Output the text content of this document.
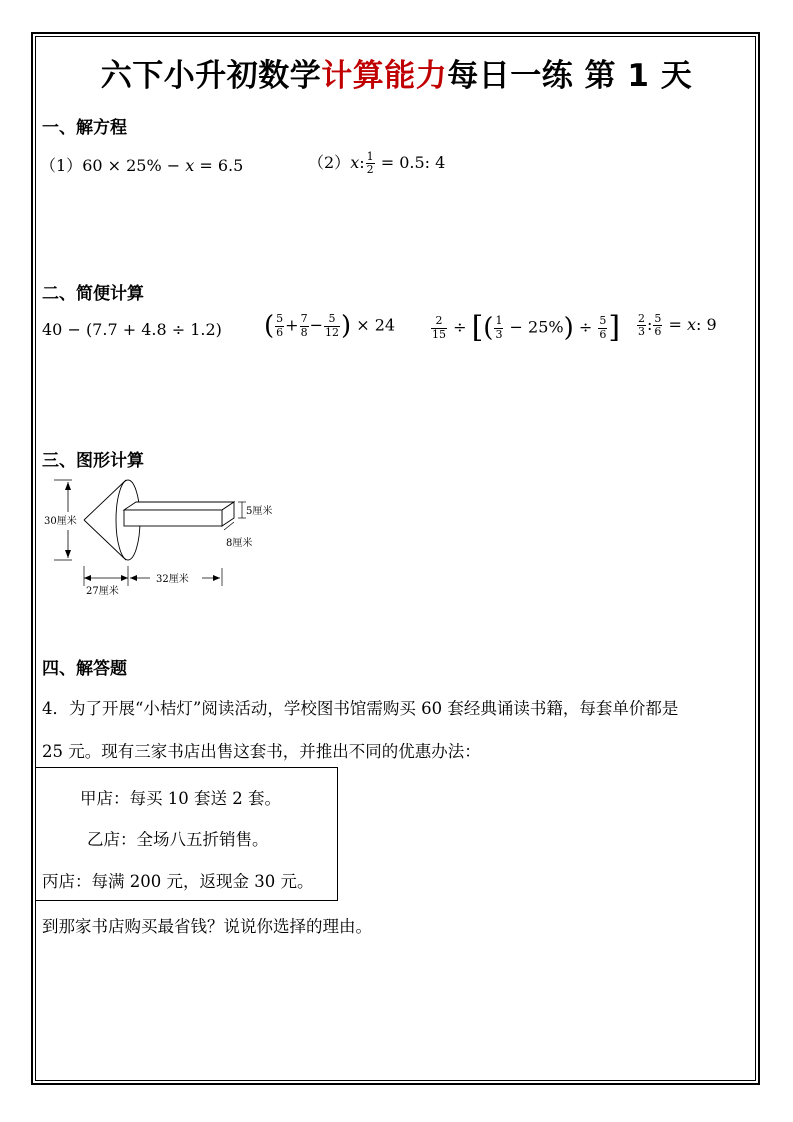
六下小升初数学计算能力每日一练 第 1 天
一、解方程
（1）60 × 25% − x = 6.5	（2）x: $\frac{1}{2} = 0.5$: 4
二、简便计算
40 − (7.7 + 4.8 ÷ 1.2) ( $\frac{5}{6} + \frac{7}{8} - \frac{5}{12}$ ) × 24	$\frac{2}{15}$ ÷ [( $\frac{1}{3} - 25\%) \div \frac{5}{6}$ ] $\frac{2}{3}$ : $\frac{5}{6} = x$: 9
三、图形计算
30厘米
5厘米
8厘米
32厘米
27厘米
四、解答题
4．为了开展“小桔灯”阅读活动，学校图书馆需购买 60 套经典诵读书籍，每套单价都是
25 元。现有三家书店出售这套书，并推出不同的优惠办法：
甲店：每买 10 套送 2 套。
乙店：全场八五折销售。
丙店：每满 200 元，返现金 30 元。
到那家书店购买最省钱？说说你选择的理由。
